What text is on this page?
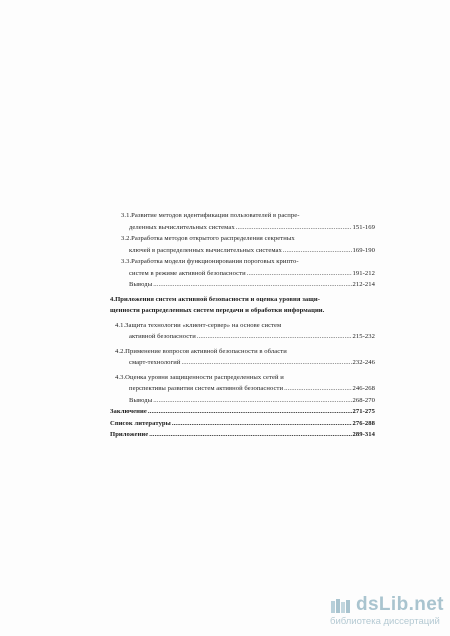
3.1.Развитие методов идентификации пользователей в распре-
деленных вычислительных системах .....	151-169
3.2.Разработка методов открытого распределения секретных
ключей в распределенных вычислительных системах .....	169-190
3.3.Разработка модели функционирования пороговых крипто-
систем в режиме активной безопасности .....	191-212
Выводы .....	212-214
4.Приложения систем активной безопасности и оценка уровня защи-
щенности распределенных систем передачи и обработки информации.
4.1.Защита технологии «клиент-сервер» на основе систем
активной безопасности .....	215-232
4.2.Применение вопросов активной безопасности в области
смарт-технологий .....	232-246
4.3.Оценка уровня защищенности распределенных сетей и
перспективы развития систем активной безопасности .....	246-268
Выводы .....	268-270
Заключение .....	271-275
Список литературы .....	276-288
Приложение .....	289-314
dsLib.net
библиотека диссертаций
